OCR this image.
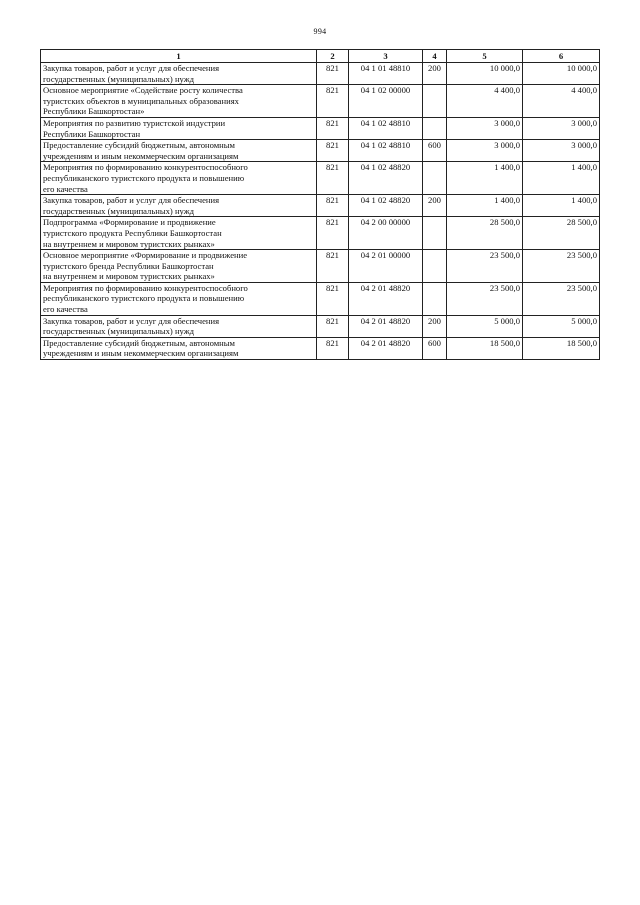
994
1	2	3	4	5	6

Закупка товаров, работ и услуг для обеспечения
государственных (муниципальных) нужд	821	04 1 01 48810	200	10 000,0	10 000,0

Основное мероприятие «Содействие росту количества
туристских объектов в муниципальных образованиях
Республики Башкортостан»	821	04 1 02 00000		4 400,0	4 400,0

Мероприятия по развитию туристской индустрии
Республики Башкортостан	821	04 1 02 48810		3 000,0	3 000,0

Предоставление субсидий бюджетным, автономным
учреждениям и иным некоммерческим организациям	821	04 1 02 48810	600	3 000,0	3 000,0

Мероприятия по формированию конкурентоспособного
республиканского туристского продукта и повышению
его качества	821	04 1 02 48820		1 400,0	1 400,0

Закупка товаров, работ и услуг для обеспечения
государственных (муниципальных) нужд	821	04 1 02 48820	200	1 400,0	1 400,0

Подпрограмма «Формирование и продвижение
туристского продукта Республики Башкортостан
на внутреннем и мировом туристских рынках»	821	04 2 00 00000		28 500,0	28 500,0

Основное мероприятие «Формирование и продвижение
туристского бренда Республики Башкортостан
на внутреннем и мировом туристских рынках»	821	04 2 01 00000		23 500,0	23 500,0

Мероприятия по формированию конкурентоспособного
республиканского туристского продукта и повышению
его качества	821	04 2 01 48820		23 500,0	23 500,0

Закупка товаров, работ и услуг для обеспечения
государственных (муниципальных) нужд	821	04 2 01 48820	200	5 000,0	5 000,0

Предоставление субсидий бюджетным, автономным
учреждениям и иным некоммерческим организациям	821	04 2 01 48820	600	18 500,0	18 500,0
